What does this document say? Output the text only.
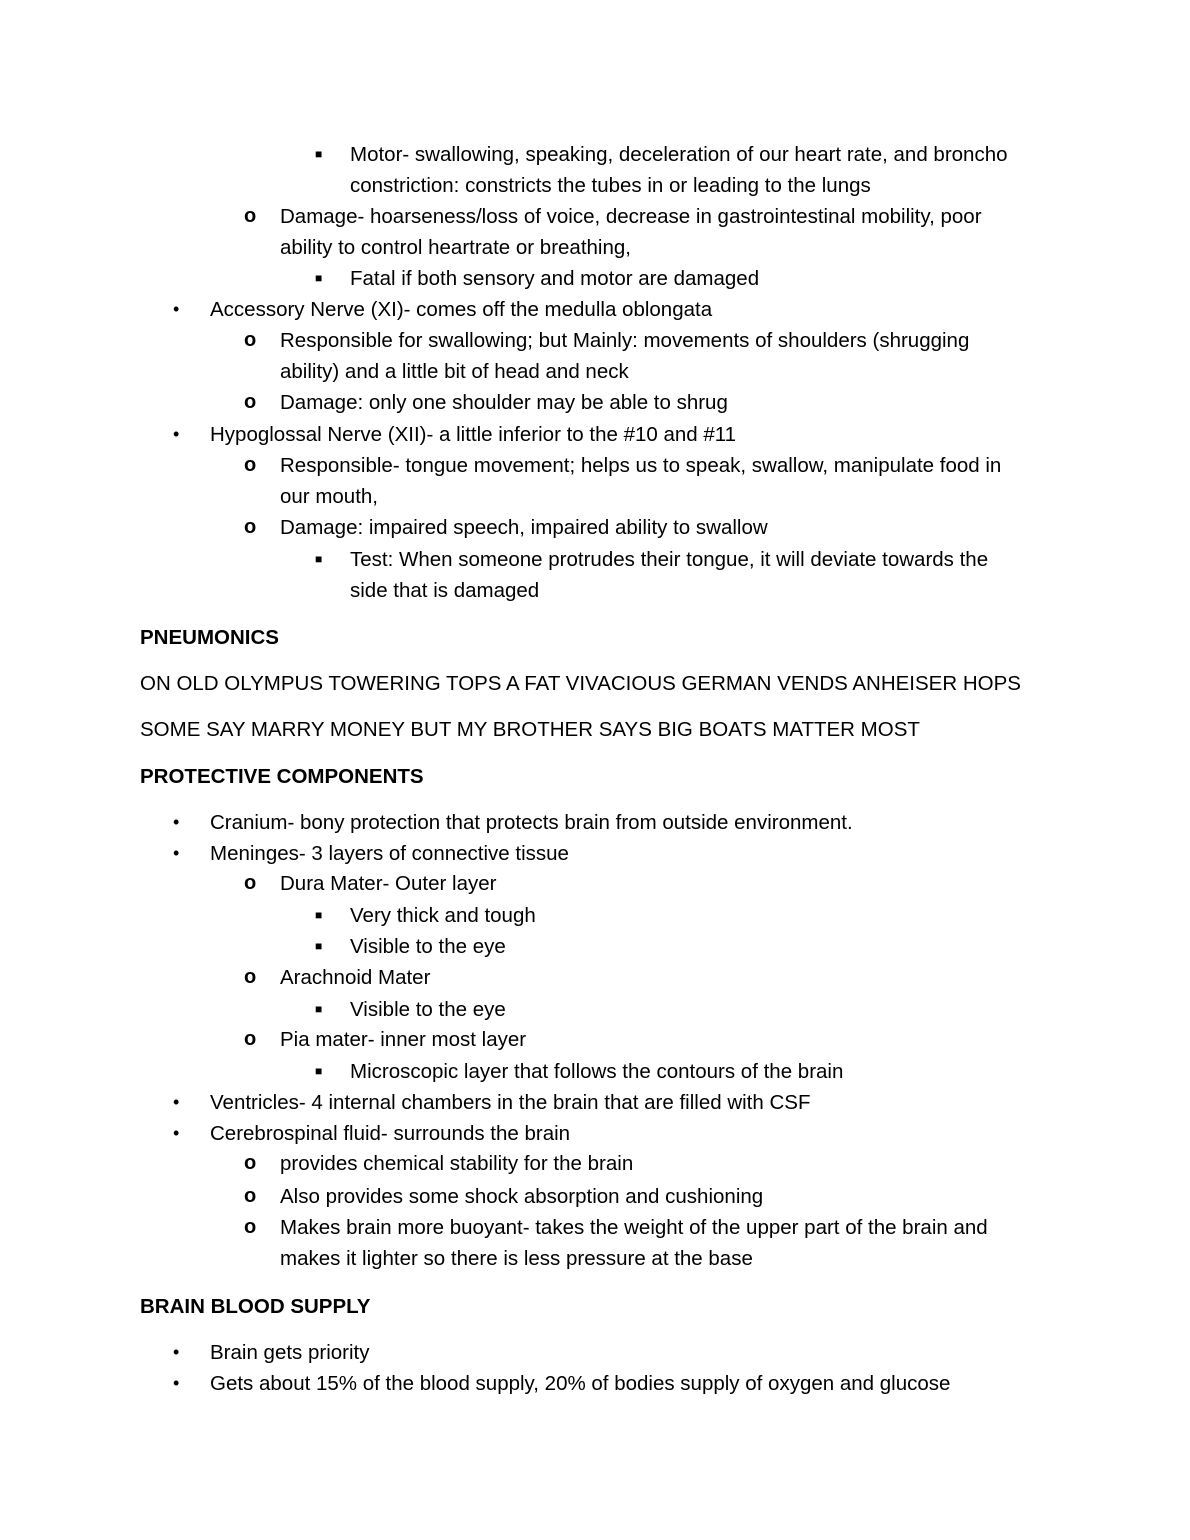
■ Motor- swallowing, speaking, deceleration of our heart rate, and broncho
constriction: constricts the tubes in or leading to the lungs
o Damage- hoarseness/loss of voice, decrease in gastrointestinal mobility, poor
ability to control heartrate or breathing,
■ Fatal if both sensory and motor are damaged
• Accessory Nerve (XI)- comes off the medulla oblongata
o Responsible for swallowing; but Mainly: movements of shoulders (shrugging
ability) and a little bit of head and neck
o Damage: only one shoulder may be able to shrug
• Hypoglossal Nerve (XII)- a little inferior to the #10 and #11
o Responsible- tongue movement; helps us to speak, swallow, manipulate food in
our mouth,
o Damage: impaired speech, impaired ability to swallow
■ Test: When someone protrudes their tongue, it will deviate towards the
side that is damaged
PNEUMONICS
ON OLD OLYMPUS TOWERING TOPS A FAT VIVACIOUS GERMAN VENDS ANHEISER HOPS
SOME SAY MARRY MONEY BUT MY BROTHER SAYS BIG BOATS MATTER MOST
PROTECTIVE COMPONENTS
• Cranium- bony protection that protects brain from outside environment.
• Meninges- 3 layers of connective tissue
o Dura Mater- Outer layer
■ Very thick and tough
■ Visible to the eye
o Arachnoid Mater
■ Visible to the eye
o Pia mater- inner most layer
■ Microscopic layer that follows the contours of the brain
• Ventricles- 4 internal chambers in the brain that are filled with CSF
• Cerebrospinal fluid- surrounds the brain
o provides chemical stability for the brain
o Also provides some shock absorption and cushioning
o Makes brain more buoyant- takes the weight of the upper part of the brain and
makes it lighter so there is less pressure at the base
BRAIN BLOOD SUPPLY
• Brain gets priority
• Gets about 15% of the blood supply, 20% of bodies supply of oxygen and glucose
